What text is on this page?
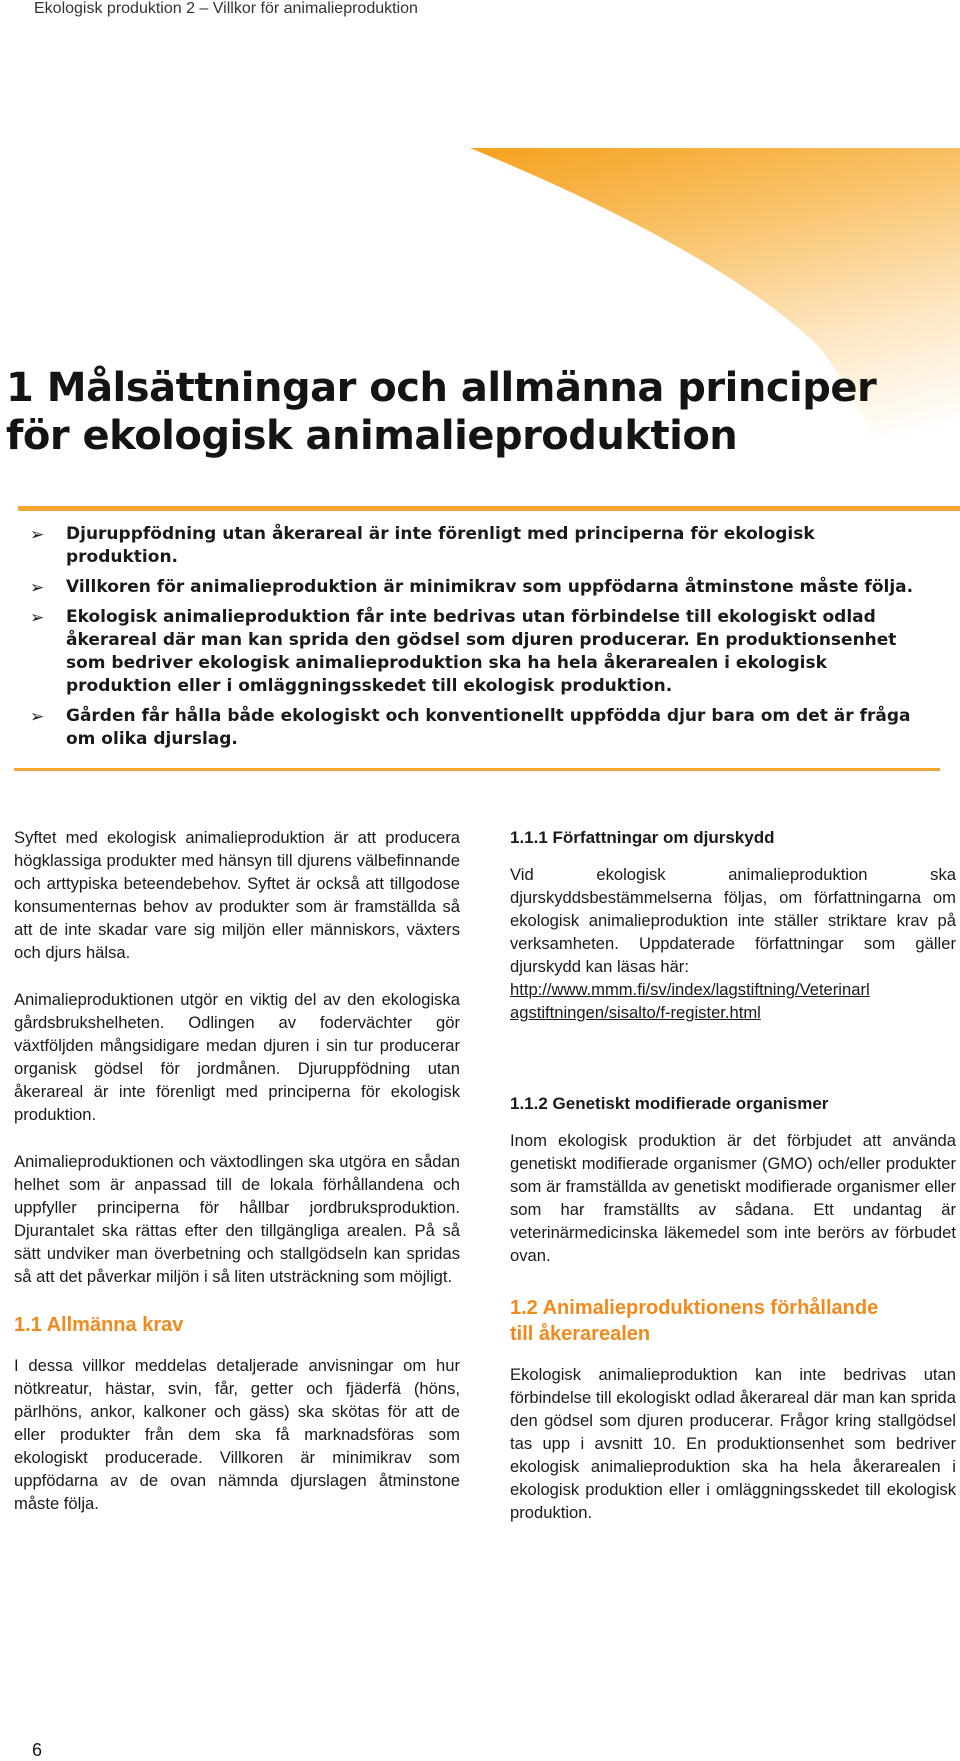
Ekologisk produktion 2 – Villkor för animalieproduktion
1 Målsättningar och allmänna principer
för ekologisk animalieproduktion
➢ Djuruppfödning utan åkerareal är inte förenligt med principerna för ekologisk produktion.
➢ Villkoren för animalieproduktion är minimikrav som uppfödarna åtminstone måste följa.
➢ Ekologisk animalieproduktion får inte bedrivas utan förbindelse till ekologiskt odlad åkerareal där man kan sprida den gödsel som djuren producerar. En produktionsenhet som bedriver ekologisk animalieproduktion ska ha hela åkerarealen i ekologisk produktion eller i omläggningsskedet till ekologisk produktion.
➢ Gården får hålla både ekologiskt och konventionellt uppfödda djur bara om det är fråga om olika djurslag.

Syftet med ekologisk animalieproduktion är att producera högklassiga produkter med hänsyn till djurens välbefinnande och arttypiska beteendebehov. Syftet är också att tillgodose konsumenternas behov av produkter som är framställda så att de inte skadar vare sig miljön eller människors, växters och djurs hälsa.

Animalieproduktionen utgör en viktig del av den ekologiska gårdsbrukshelheten. Odlingen av fodervächter gör växtföljden mångsidigare medan djuren i sin tur producerar organisk gödsel för jordmånen. Djuruppfödning utan åkerareal är inte förenligt med principerna för ekologisk produktion.

Animalieproduktionen och växtodlingen ska utgöra en sådan helhet som är anpassad till de lokala förhållandena och uppfyller principerna för hållbar jordbruksproduktion. Djurantalet ska rättas efter den tillgängliga arealen. På så sätt undviker man överbetning och stallgödseln kan spridas så att det påverkar miljön i så liten utsträckning som möjligt.

1.1 Allmänna krav

I dessa villkor meddelas detaljerade anvisningar om hur nötkreatur, hästar, svin, får, getter och fjäderfä (höns, pärlhöns, ankor, kalkoner och gäss) ska skötas för att de eller produkter från dem ska få marknadsföras som ekologiskt producerade. Villkoren är minimikrav som uppfödarna av de ovan nämnda djurslagen åtminstone måste följa.

1.1.1 Författningar om djurskydd

Vid ekologisk animalieproduktion ska djurskyddsbestämmelserna följas, om författningarna om ekologisk animalieproduktion inte ställer striktare krav på verksamheten. Uppdaterade författningar som gäller djurskydd kan läsas här:
http://www.mmm.fi/sv/index/lagstiftning/Veterinarl
agstiftningen/sisalto/f-register.html

1.1.2 Genetiskt modifierade organismer

Inom ekologisk produktion är det förbjudet att använda genetiskt modifierade organismer (GMO) och/eller produkter som är framställda av genetiskt modifierade organismer eller som har framställts av sådana. Ett undantag är veterinärmedicinska läkemedel som inte berörs av förbudet ovan.

1.2 Animalieproduktionens förhållande
till åkerarealen

Ekologisk animalieproduktion kan inte bedrivas utan förbindelse till ekologiskt odlad åkerareal där man kan sprida den gödsel som djuren producerar. Frågor kring stallgödsel tas upp i avsnitt 10. En produktionsenhet som bedriver ekologisk animalieproduktion ska ha hela åkerarealen i ekologisk produktion eller i omläggningsskedet till ekologisk produktion.

6
